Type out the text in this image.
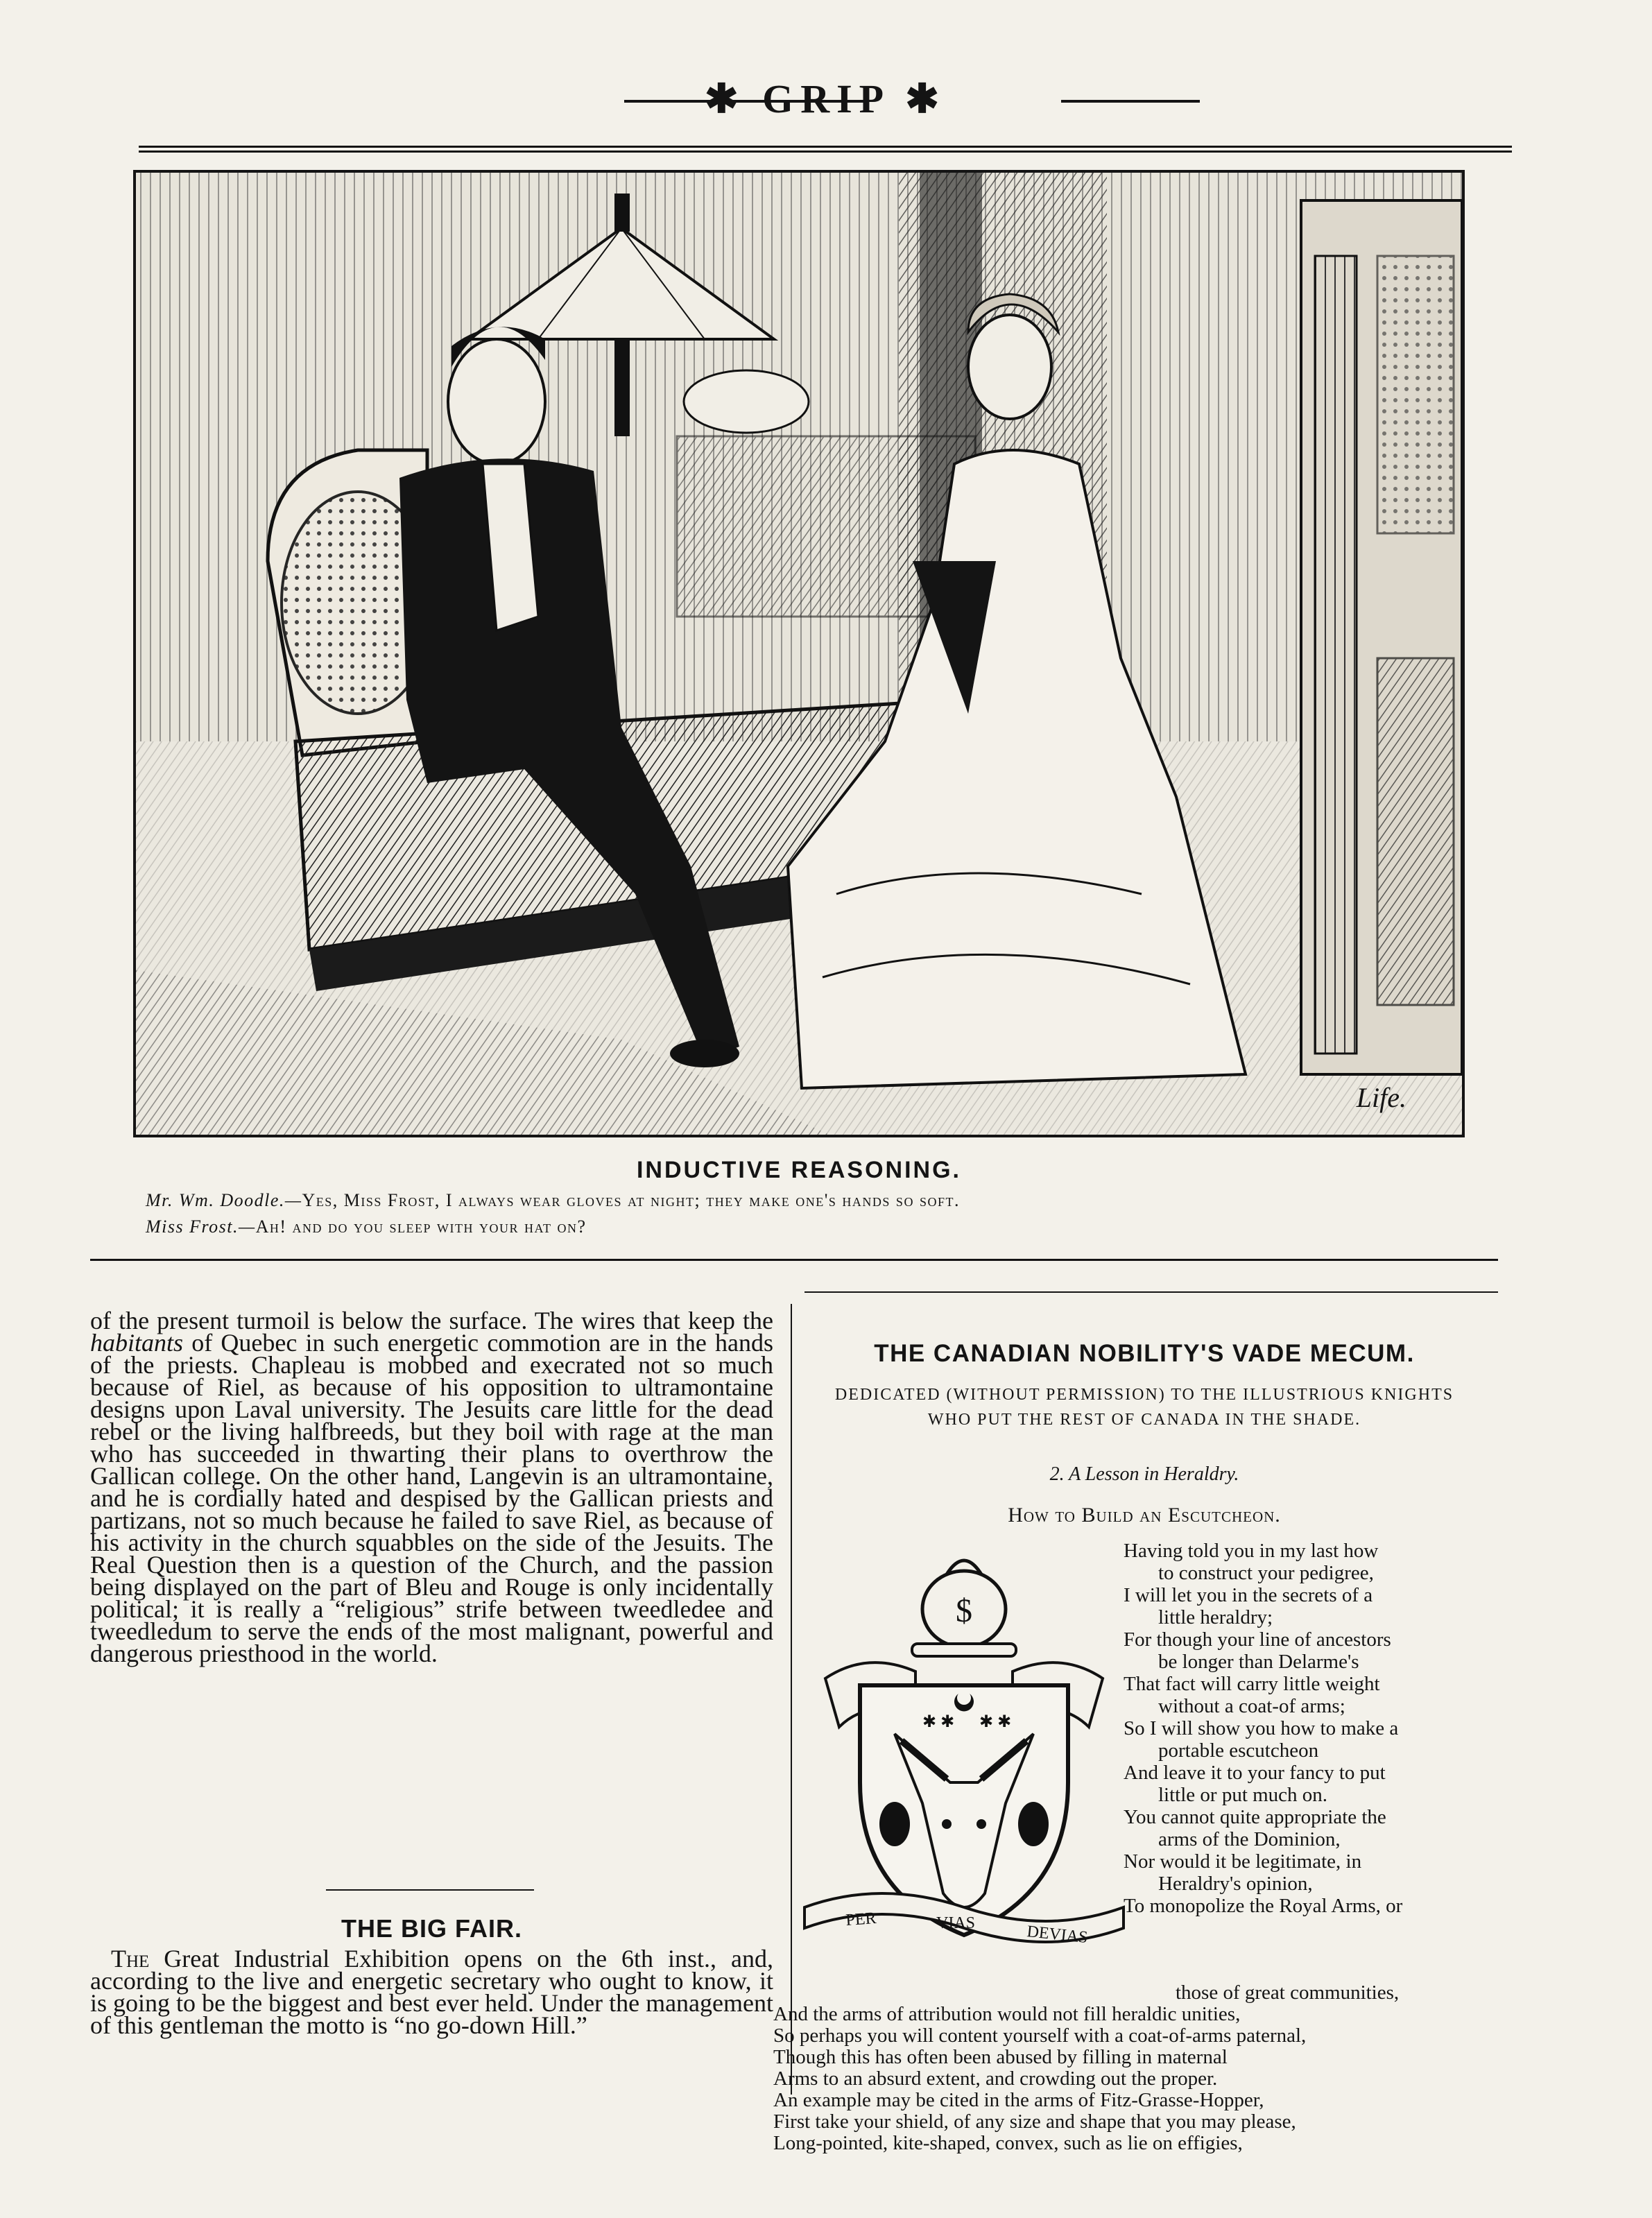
✱ GRIP ✱
Life.
INDUCTIVE REASONING.
Mr. Wm. Doodle.—Yes, Miss Frost, I always wear gloves at night; they make one's hands so soft.
Miss Frost.—Ah! and do you sleep with your hat on?

of the present turmoil is below the surface. The wires that keep the habitants of Quebec in such energetic commotion are in the hands of the priests. Chapleau is mobbed and execrated not so much because of Riel, as because of his opposition to ultramontaine designs upon Laval university. The Jesuits care little for the dead rebel or the living halfbreeds, but they boil with rage at the man who has succeeded in thwarting their plans to overthrow the Gallican college. On the other hand, Langevin is an ultramontaine, and he is cordially hated and despised by the Gallican priests and partizans, not so much because he failed to save Riel, as because of his activity in the church squabbles on the side of the Jesuits. The Real Question then is a question of the Church, and the passion being displayed on the part of Bleu and Rouge is only incidentally political; it is really a “religious” strife between tweedledee and tweedledum to serve the ends of the most malignant, powerful and dangerous priesthood in the world.

THE BIG FAIR.

The Great Industrial Exhibition opens on the 6th inst., and, according to the live and energetic secretary who ought to know, it is going to be the biggest and best ever held. Under the management of this gentleman the motto is “no go-down Hill.”

THE CANADIAN NOBILITY'S VADE MECUM.
DEDICATED (WITHOUT PERMISSION) TO THE ILLUSTRIOUS KNIGHTS
WHO PUT THE REST OF CANADA IN THE SHADE.
2. A Lesson in Heraldry.
How to Build an Escutcheon.
$
✱ ✱ ✱ ✱
PER	VIAS	DEVIAS
Having told you in my last how
to construct your pedigree,
I will let you in the secrets of a
little heraldry;
For though your line of ancestors
be longer than Delarme's
That fact will carry little weight
without a coat-of arms;
So I will show you how to make a
portable escutcheon
And leave it to your fancy to put
little or put much on.
You cannot quite appropriate the
arms of the Dominion,
Nor would it be legitimate, in
Heraldry's opinion,
To monopolize the Royal Arms, or
those of great communities,
And the arms of attribution would not fill heraldic unities,
So perhaps you will content yourself with a coat-of-arms paternal,
Though this has often been abused by filling in maternal
Arms to an absurd extent, and crowding out the proper.
An example may be cited in the arms of Fitz-Grasse-Hopper,
First take your shield, of any size and shape that you may please,
Long-pointed, kite-shaped, convex, such as lie on effigies,
